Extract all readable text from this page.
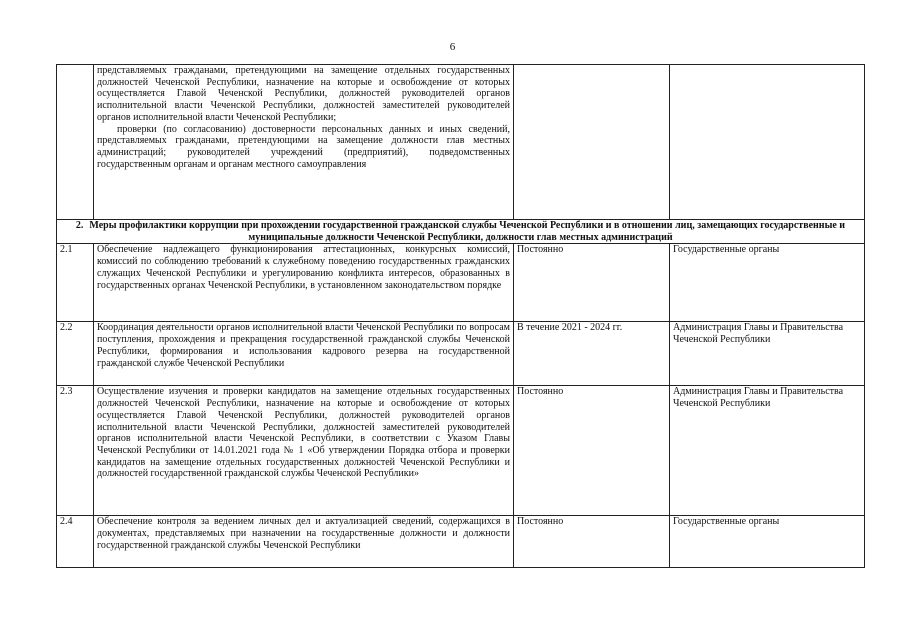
6

	представляемых гражданами, претендующими на замещение отдельных государственных должностей Чеченской Республики, назначение на которые и освобождение от которых осуществляется Главой Чеченской Республики, должностей руководителей органов исполнительной власти Чеченской Республики, должностей заместителей руководителей органов исполнительной власти Чеченской Республики;

проверки (по согласованию) достоверности персональных данных и иных сведений, представляемых гражданами, претендующими на замещение должности глав местных администраций; руководителей учреждений (предприятий), подведомственных государственным органам и органам местного самоуправления		

2. Меры профилактики коррупции при прохождении государственной гражданской службы Чеченской Республики и в отношении лиц, замещающих государственные и муниципальные должности Чеченской Республики, должности глав местных администраций			
2.1	Обеспечение надлежащего функционирования аттестационных, конкурсных комиссий, комиссий по соблюдению требований к служебному поведению государственных гражданских служащих Чеченской Республики и урегулированию конфликта интересов, образованных в государственных органах Чеченской Республики, в установленном законодательством порядке	Постоянно	Государственные органы
2.2	Координация деятельности органов исполнительной власти Чеченской Республики по вопросам поступления, прохождения и прекращения государственной гражданской службы Чеченской Республики, формирования и использования кадрового резерва на государственной гражданской службе Чеченской Республики	В течение 2021 - 2024 гг.	Администрация Главы и Правительства Чеченской Республики
2.3	Осуществление изучения и проверки кандидатов на замещение отдельных государственных должностей Чеченской Республики, назначение на которые и освобождение от которых осуществляется Главой Чеченской Республики, должностей руководителей органов исполнительной власти Чеченской Республики, должностей заместителей руководителей органов исполнительной власти Чеченской Республики, в соответствии с Указом Главы Чеченской Республики от 14.01.2021 года № 1 «Об утверждении Порядка отбора и проверки кандидатов на замещение отдельных государственных должностей Чеченской Республики и должностей государственной гражданской службы Чеченской Республики»	Постоянно	Администрация Главы и Правительства Чеченской Республики
2.4	Обеспечение контроля за ведением личных дел и актуализацией сведений, содержащихся в документах, представляемых при назначении на государственные должности и должности государственной гражданской службы Чеченской Республики	Постоянно	Государственные органы
